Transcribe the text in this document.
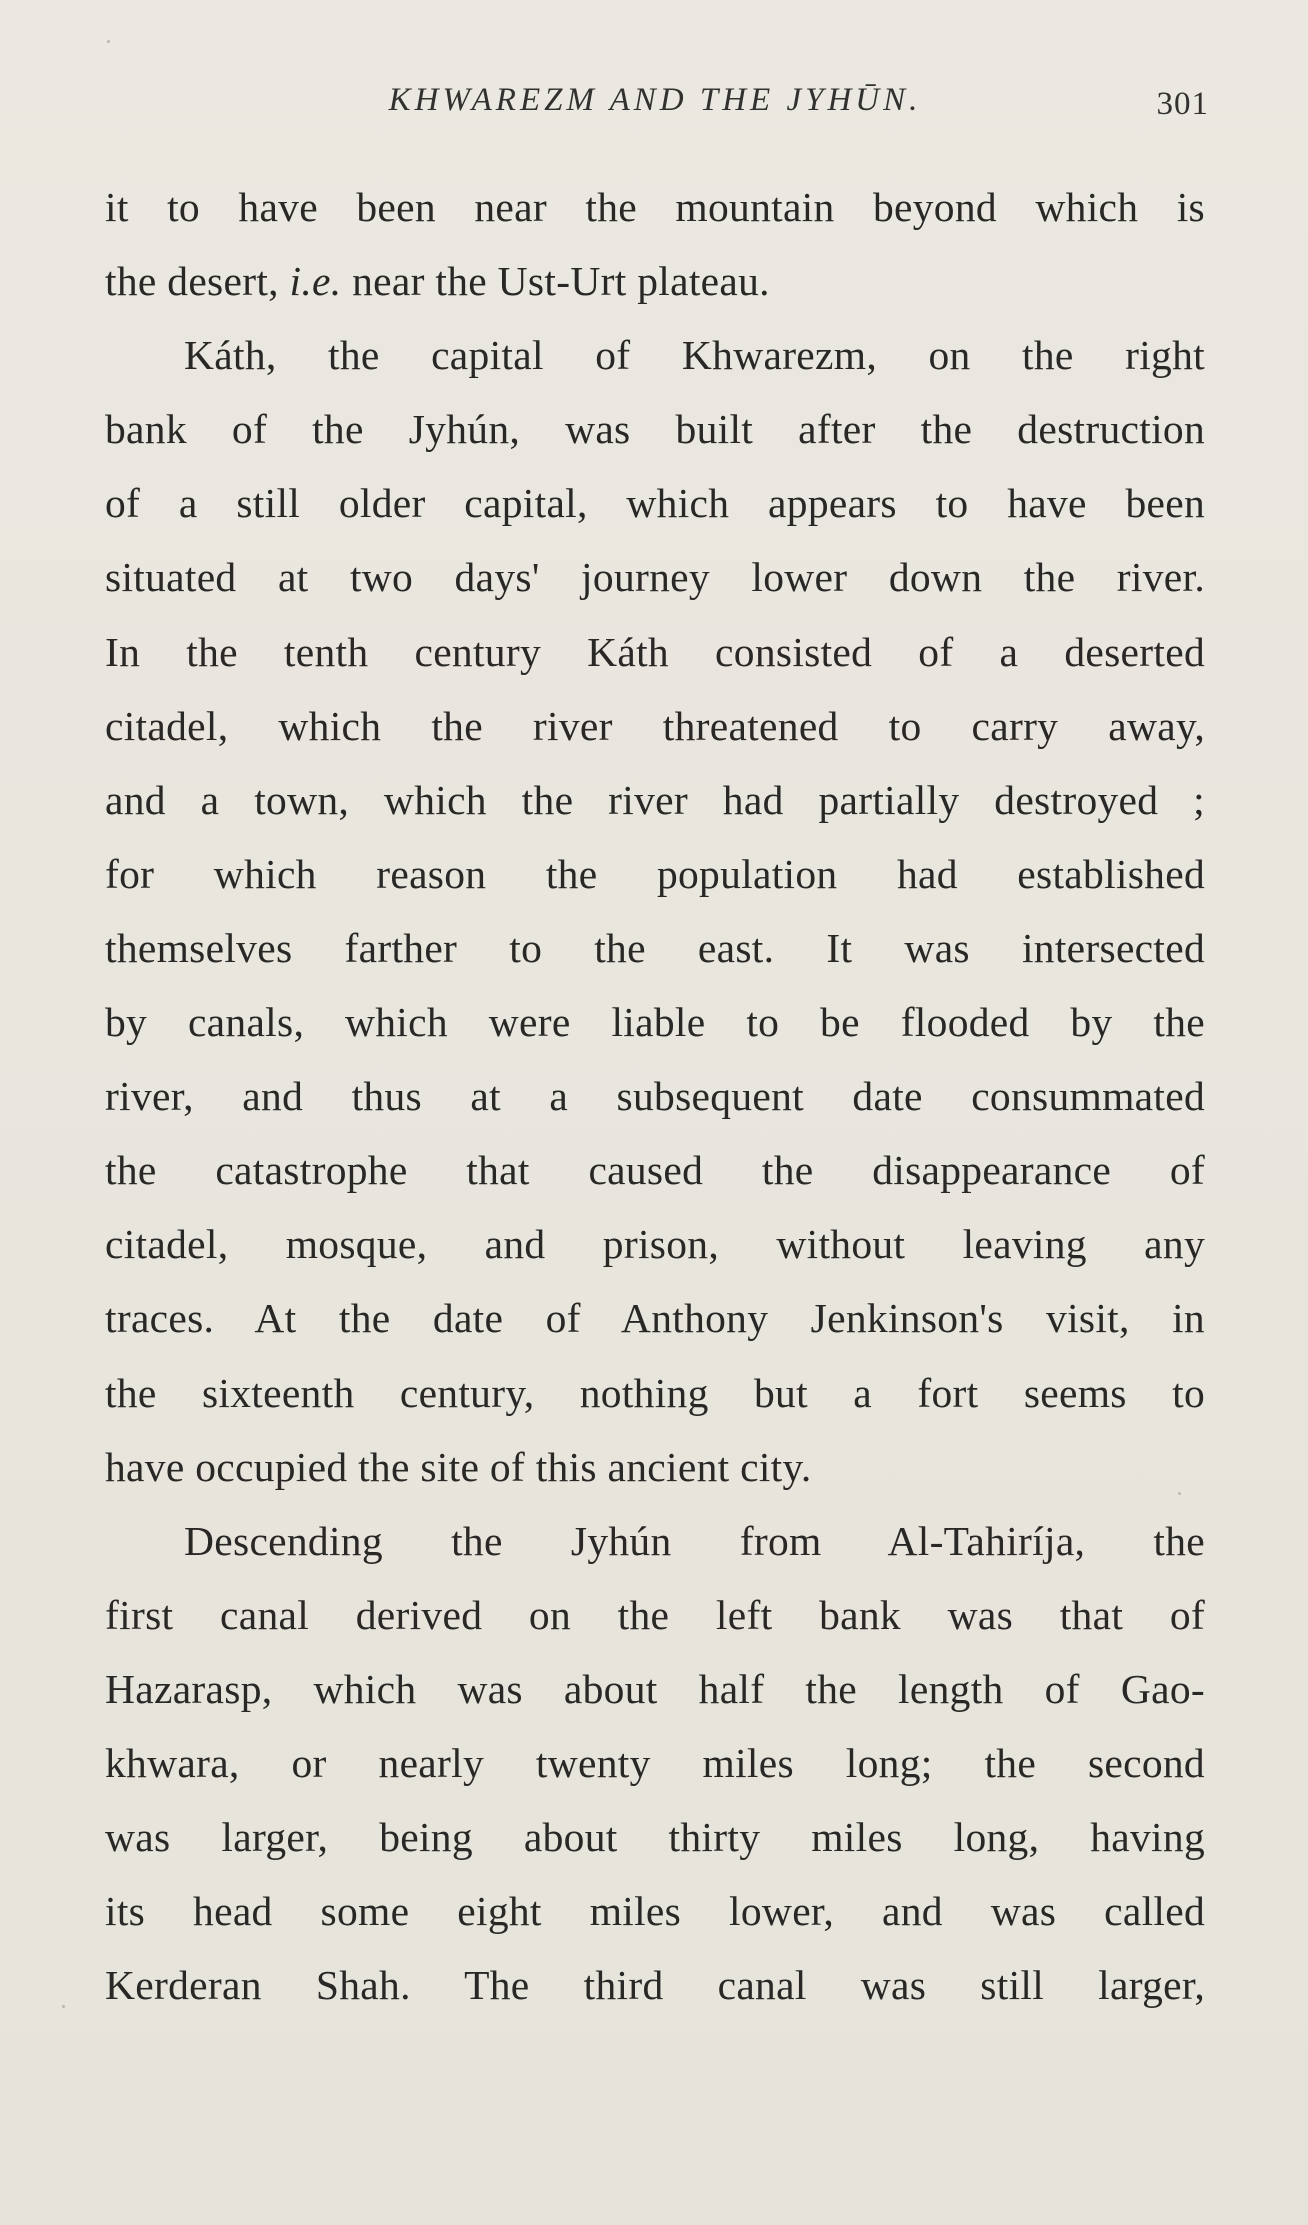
KHWAREZM AND THE JYHŪN.	301
it to have been near the mountain beyond which is
the desert, i.e. near the Ust-Urt plateau.
Káth, the capital of Khwarezm, on the right
bank of the Jyhún, was built after the destruction
of a still older capital, which appears to have been
situated at two days' journey lower down the river.
In the tenth century Káth consisted of a deserted
citadel, which the river threatened to carry away,
and a town, which the river had partially destroyed ;
for which reason the population had established
themselves farther to the east. It was intersected
by canals, which were liable to be flooded by the
river, and thus at a subsequent date consummated
the catastrophe that caused the disappearance of
citadel, mosque, and prison, without leaving any
traces. At the date of Anthony Jenkinson's visit, in
the sixteenth century, nothing but a fort seems to
have occupied the site of this ancient city.
Descending the Jyhún from Al-Tahiríja, the
first canal derived on the left bank was that of
Hazarasp, which was about half the length of Gao-
khwara, or nearly twenty miles long; the second
was larger, being about thirty miles long, having
its head some eight miles lower, and was called
Kerderan Shah. The third canal was still larger,
